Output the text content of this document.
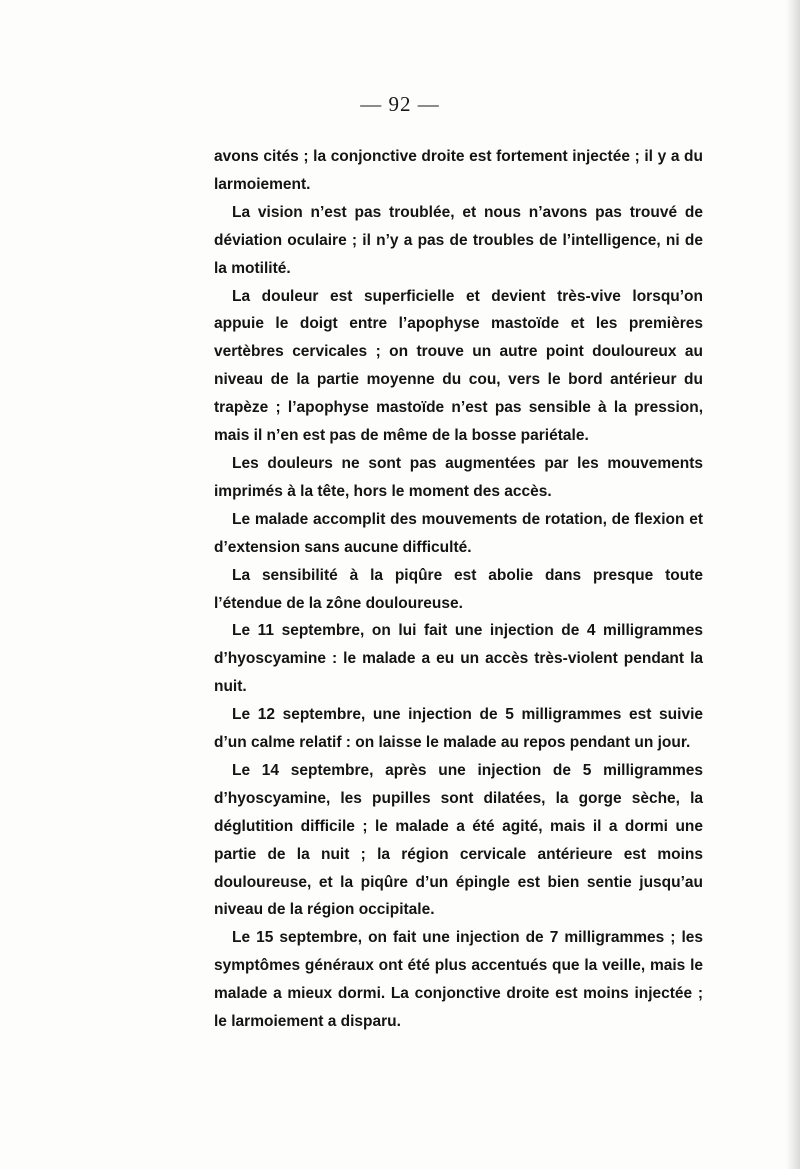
— 92 —

avons cités ; la conjonctive droite est fortement injectée ; il y a du larmoiement.

La vision n’est pas troublée, et nous n’avons pas trouvé de déviation oculaire ; il n’y a pas de troubles de l’intelligence, ni de la motilité.

La douleur est superficielle et devient très-vive lorsqu’on appuie le doigt entre l’apophyse mastoïde et les premières vertèbres cervicales ; on trouve un autre point douloureux au niveau de la partie moyenne du cou, vers le bord antérieur du trapèze ; l’apophyse mastoïde n’est pas sensible à la pression, mais il n’en est pas de même de la bosse pariétale.

Les douleurs ne sont pas augmentées par les mouvements imprimés à la tête, hors le moment des accès.

Le malade accomplit des mouvements de rotation, de flexion et d’extension sans aucune difficulté.

La sensibilité à la piqûre est abolie dans presque toute l’étendue de la zône douloureuse.

Le 11 septembre, on lui fait une injection de 4 milligrammes d’hyoscyamine : le malade a eu un accès très-violent pendant la nuit.

Le 12 septembre, une injection de 5 milligrammes est suivie d’un calme relatif : on laisse le malade au repos pendant un jour.

Le 14 septembre, après une injection de 5 milligrammes d’hyoscyamine, les pupilles sont dilatées, la gorge sèche, la déglutition difficile ; le malade a été agité, mais il a dormi une partie de la nuit ; la région cervicale antérieure est moins douloureuse, et la piqûre d’un épingle est bien sentie jusqu’au niveau de la région occipitale.

Le 15 septembre, on fait une injection de 7 milligrammes ; les symptômes généraux ont été plus accentués que la veille, mais le malade a mieux dormi. La conjonctive droite est moins injectée ; le larmoiement a disparu.
